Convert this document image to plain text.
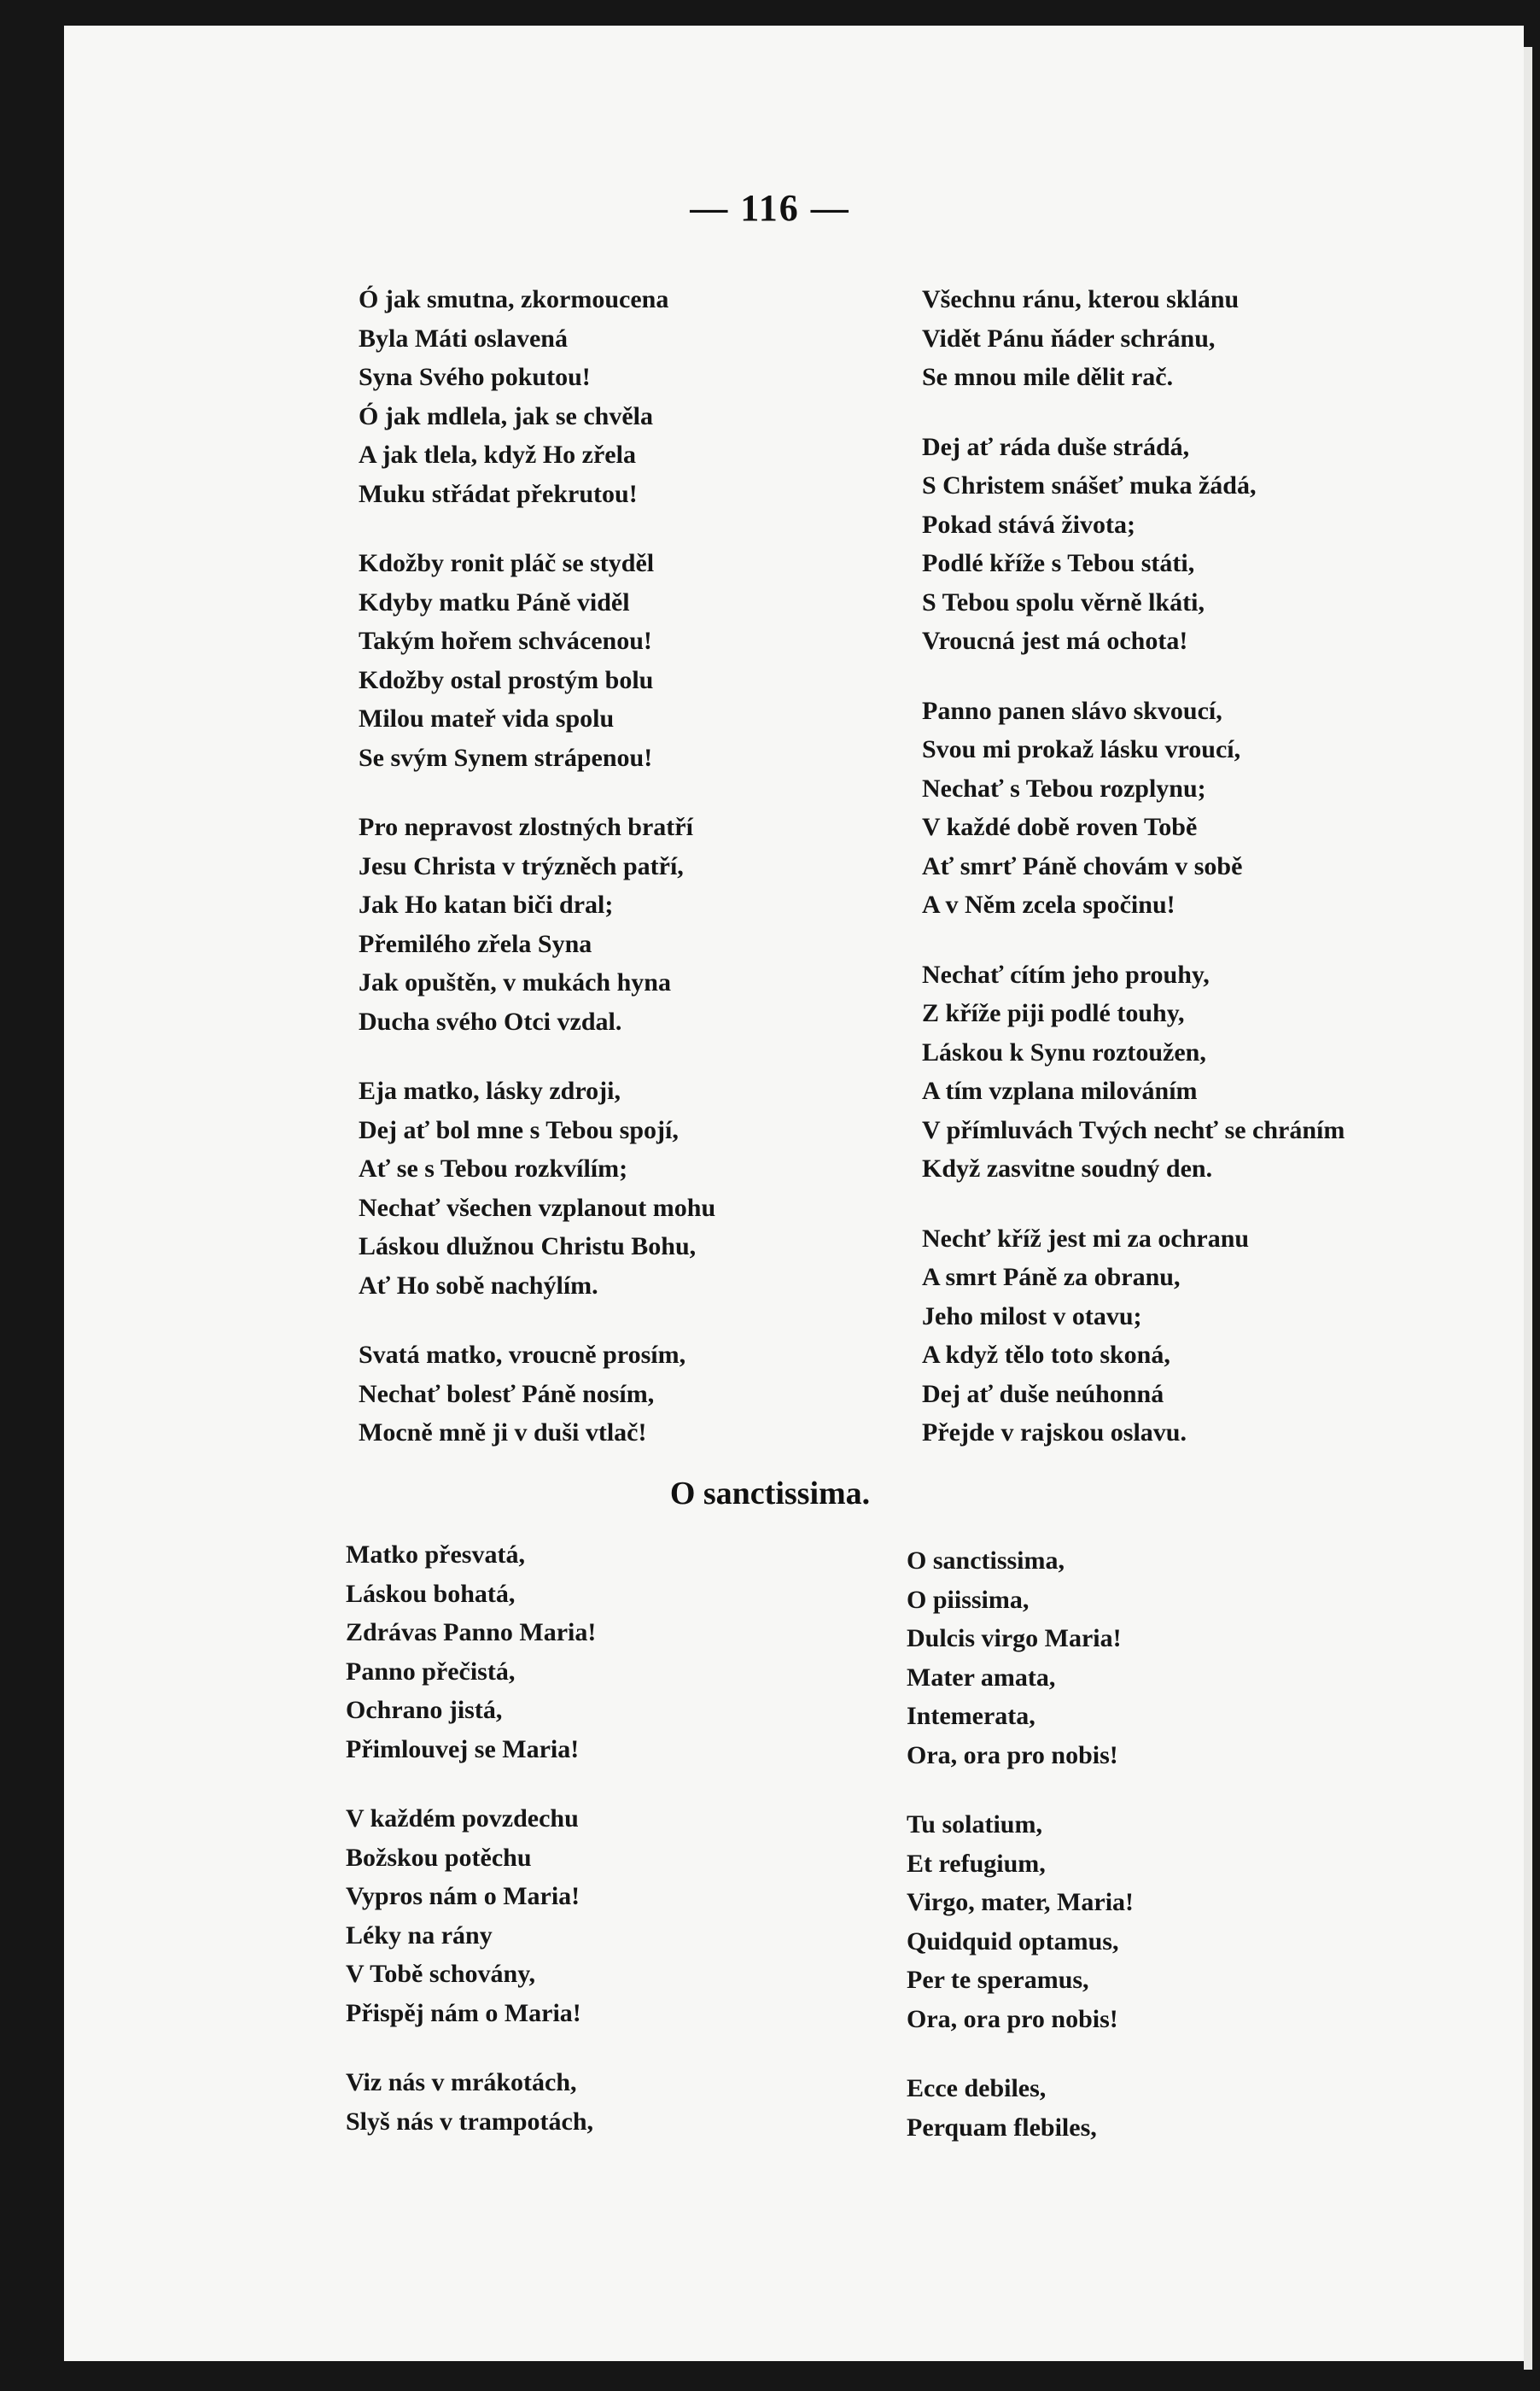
— 116 —
Ó jak smutna, zkormoucena
Byla Máti oslavená
Syna Svého pokutou!
Ó jak mdlela, jak se chvěla
A jak tlela, když Ho zřela
Muku střádat překrutou!
Kdožby ronit pláč se styděl
Kdyby matku Páně viděl
Takým hořem schvácenou!
Kdožby ostal prostým bolu
Milou mateř vida spolu
Se svým Synem strápenou!
Pro nepravost zlostných bratří
Jesu Christa v trýzněch patří,
Jak Ho katan biči dral;
Přemilého zřela Syna
Jak opuštěn, v mukách hyna
Ducha svého Otci vzdal.
Eja matko, lásky zdroji,
Dej ať bol mne s Tebou spojí,
Ať se s Tebou rozkvílím;
Nechať všechen vzplanout mohu
Láskou dlužnou Christu Bohu,
Ať Ho sobě nachýlím.
Svatá matko, vroucně prosím,
Nechať bolesť Páně nosím,
Mocně mně ji v duši vtlač!
Všechnu ránu, kterou sklánu
Vidět Pánu ňáder schránu,
Se mnou mile dělit rač.
Dej ať ráda duše strádá,
S Christem snášeť muka žádá,
Pokad stává života;
Podlé kříže s Tebou státi,
S Tebou spolu věrně lkáti,
Vroucná jest má ochota!
Panno panen slávo skvoucí,
Svou mi prokaž lásku vroucí,
Nechať s Tebou rozplynu;
V každé době roven Tobě
Ať smrť Páně chovám v sobě
A v Něm zcela spočinu!
Nechať cítím jeho prouhy,
Z kříže piji podlé touhy,
Láskou k Synu roztoužen,
A tím vzplana milováním
V přímluvách Tvých nechť se chráním
Když zasvitne soudný den.
Nechť kříž jest mi za ochranu
A smrt Páně za obranu,
Jeho milost v otavu;
A když tělo toto skoná,
Dej ať duše neúhonná
Přejde v rajskou oslavu.
O sanctissima.
Matko přesvatá,
Láskou bohatá,
Zdrávas Panno Maria!
Panno přečistá,
Ochrano jistá,
Přimlouvej se Maria!
V každém povzdechu
Božskou potěchu
Vypros nám o Maria!
Léky na rány
V Tobě schovány,
Přispěj nám o Maria!
Viz nás v mrákotách,
Slyš nás v trampotách,
O sanctissima,
O piissima,
Dulcis virgo Maria!
Mater amata,
Intemerata,
Ora, ora pro nobis!
Tu solatium,
Et refugium,
Virgo, mater, Maria!
Quidquid optamus,
Per te speramus,
Ora, ora pro nobis!
Ecce debiles,
Perquam flebiles,
